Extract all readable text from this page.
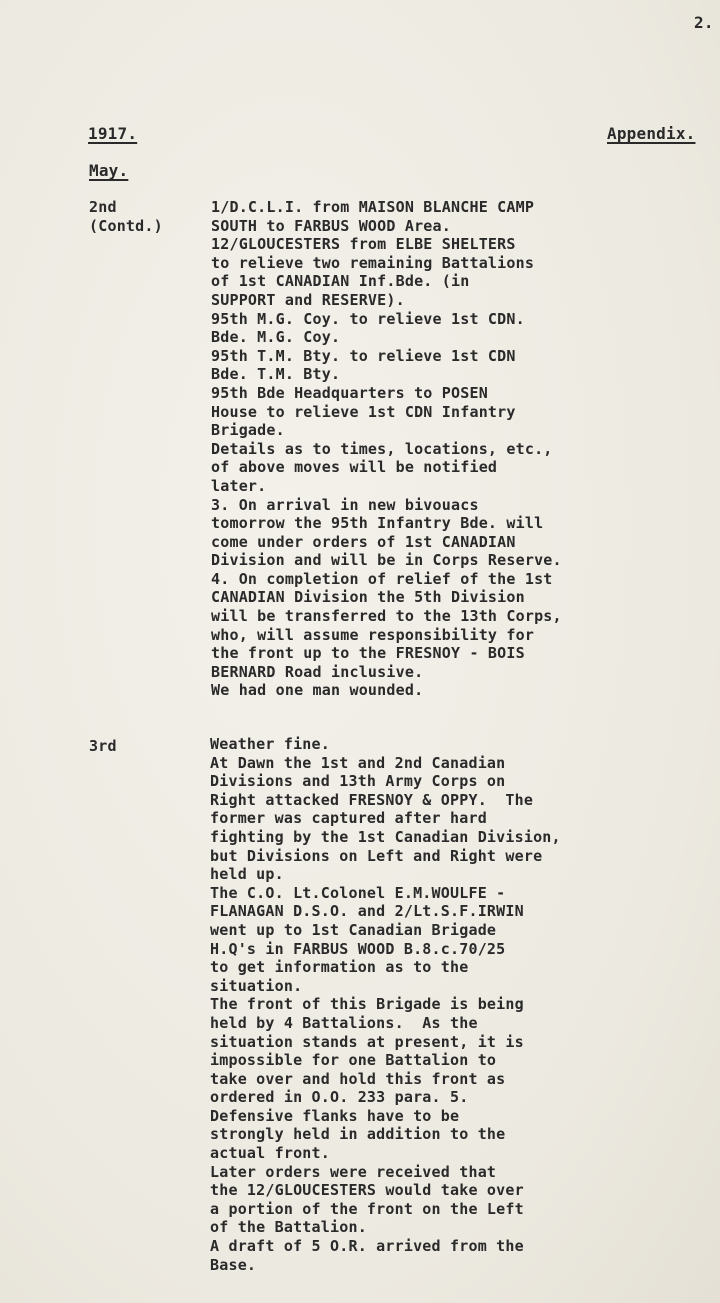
2.
1917.	Appendix.
May.
2nd
(Contd.)
1/D.C.L.I. from MAISON BLANCHE CAMP
SOUTH to FARBUS WOOD Area.
12/GLOUCESTERS from ELBE SHELTERS
to relieve two remaining Battalions
of 1st CANADIAN Inf.Bde. (in
SUPPORT and RESERVE).
95th M.G. Coy. to relieve 1st CDN.
Bde. M.G. Coy.
95th T.M. Bty. to relieve 1st CDN
Bde. T.M. Bty.
95th Bde Headquarters to POSEN
House to relieve 1st CDN Infantry
Brigade.
Details as to times, locations, etc.,
of above moves will be notified
later.
3. On arrival in new bivouacs
tomorrow the 95th Infantry Bde. will
come under orders of 1st CANADIAN
Division and will be in Corps Reserve.
4. On completion of relief of the 1st
CANADIAN Division the 5th Division
will be transferred to the 13th Corps,
who, will assume responsibility for
the front up to the FRESNOY - BOIS
BERNARD Road inclusive.
We had one man wounded.
3rd	Weather fine.
At Dawn the 1st and 2nd Canadian
Divisions and 13th Army Corps on
Right attacked FRESNOY & OPPY.  The
former was captured after hard
fighting by the 1st Canadian Division,
but Divisions on Left and Right were
held up.
The C.O. Lt.Colonel E.M.WOULFE -
FLANAGAN D.S.O. and 2/Lt.S.F.IRWIN
went up to 1st Canadian Brigade
H.Q's in FARBUS WOOD B.8.c.70/25
to get information as to the
situation.
The front of this Brigade is being
held by 4 Battalions.  As the
situation stands at present, it is
impossible for one Battalion to
take over and hold this front as
ordered in O.O. 233 para. 5.
Defensive flanks have to be
strongly held in addition to the
actual front.
Later orders were received that
the 12/GLOUCESTERS would take over
a portion of the front on the Left
of the Battalion.
A draft of 5 O.R. arrived from the
Base.
